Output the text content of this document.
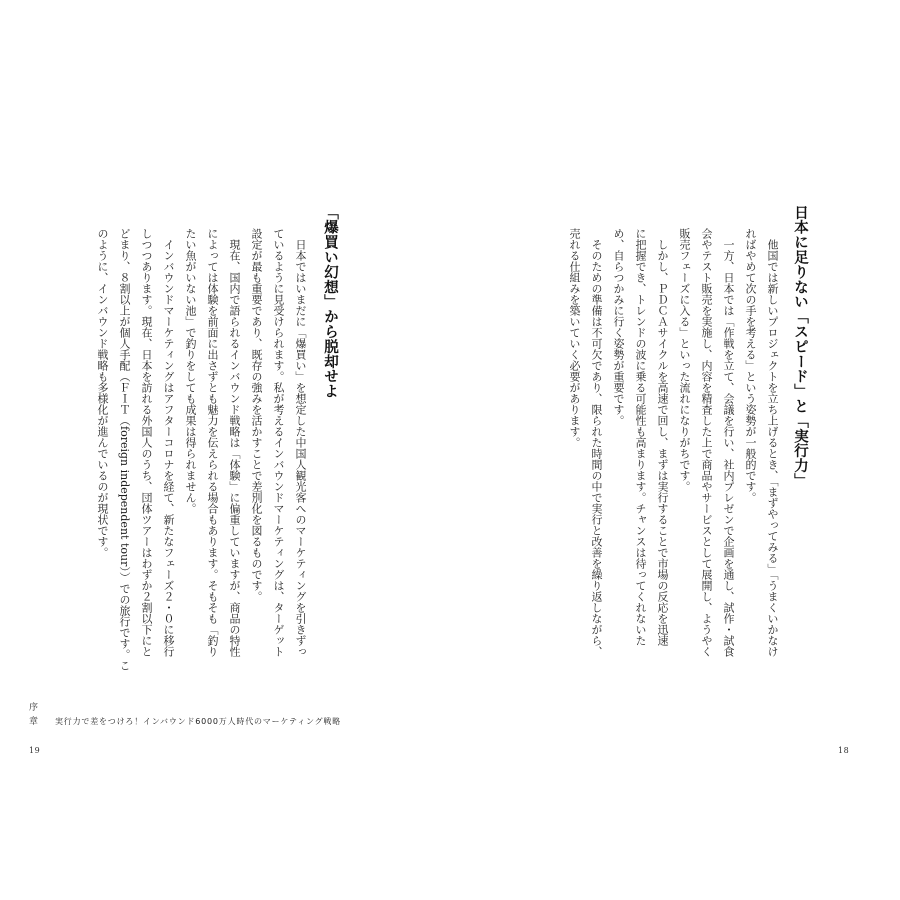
「爆買い幻想」から脱却せよ
日本ではいまだに「爆買い」を想定した中国人観光客へのマーケティングを引きずっ
ているように見受けられます。私が考えるインバウンドマーケティングは、ターゲット
設定が最も重要であり、既存の強みを活かすことで差別化を図るものです。
現在、国内で語られるインバウンド戦略は「体験」に偏重していますが、商品の特性
によっては体験を前面に出さずとも魅力を伝えられる場合もあります。そもそも「釣り
たい魚がいない池」で釣りをしても成果は得られません。
インバウンドマーケティングはアフターコロナを経て、新たなフェーズ２・０に移行
しつつあります。現在、日本を訪れる外国人のうち、団体ツアーはわずか２割以下にと
どまり、８割以上が個人手配（ＦＩＴ（foreign independent tour））での旅行です。こ
のように、インバウンド戦略も多様化が進んでいるのが現状です。
序章 実行力で差をつけろ！インバウンド6000万人時代のマーケティング戦略
19
日本に足りない「スピード」と「実行力」
他国では新しいプロジェクトを立ち上げるとき、「まずやってみる」「うまくいかなけ
ればやめて次の手を考える」という姿勢が一般的です。
一方、日本では「作戦を立て、会議を行い、社内プレゼンで企画を通し、試作・試食
会やテスト販売を実施し、内容を精査した上で商品やサービスとして展開し、ようやく
販売フェーズに入る」といった流れになりがちです。
しかし、ＰＤＣＡサイクルを高速で回し、まずは実行することで市場の反応を迅速
に把握でき、トレンドの波に乗る可能性も高まります。チャンスは待ってくれないた
め、自らつかみに行く姿勢が重要です。
そのための準備は不可欠であり、限られた時間の中で実行と改善を繰り返しながら、
売れる仕組みを築いていく必要があります。
18
